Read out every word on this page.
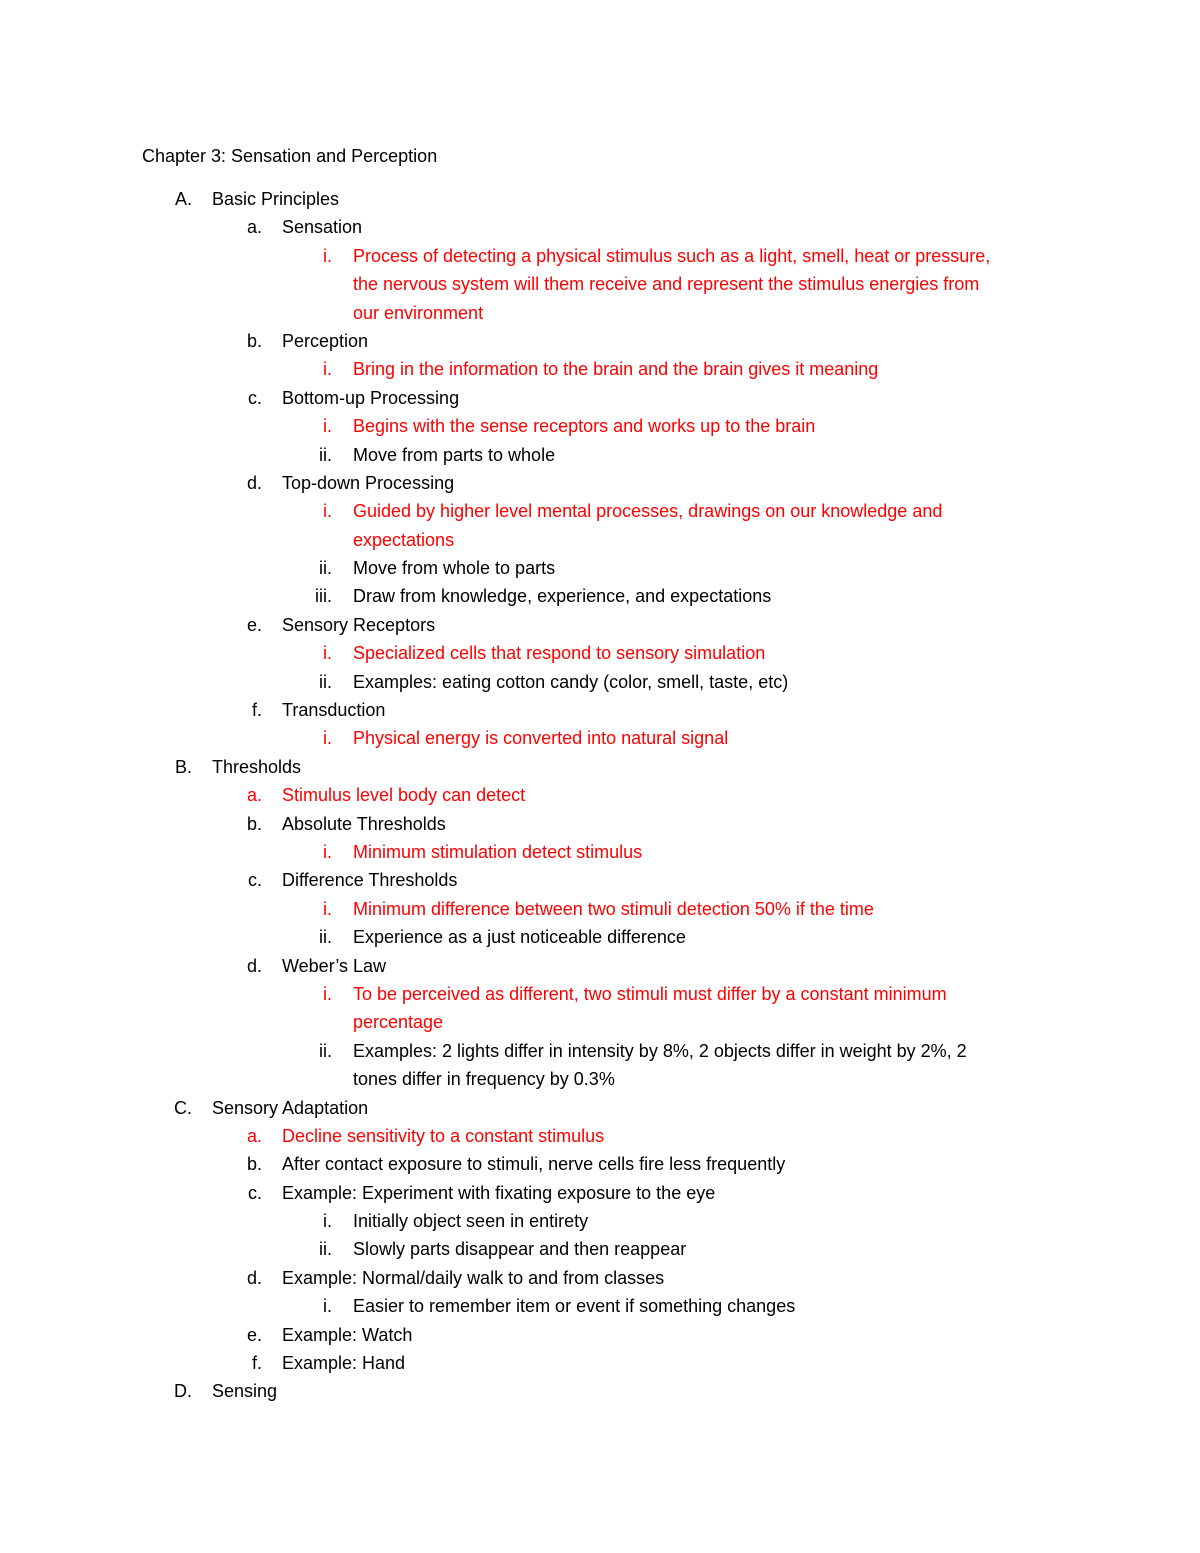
Chapter 3: Sensation and Perception
A. Basic Principles
a. Sensation
i. Process of detecting a physical stimulus such as a light, smell, heat or pressure,
the nervous system will them receive and represent the stimulus energies from
our environment
b. Perception
i. Bring in the information to the brain and the brain gives it meaning
c. Bottom-up Processing
i. Begins with the sense receptors and works up to the brain
ii. Move from parts to whole
d. Top-down Processing
i. Guided by higher level mental processes, drawings on our knowledge and
expectations
ii. Move from whole to parts
iii. Draw from knowledge, experience, and expectations
e. Sensory Receptors
i. Specialized cells that respond to sensory simulation
ii. Examples: eating cotton candy (color, smell, taste, etc)
f. Transduction
i. Physical energy is converted into natural signal
B. Thresholds
a. Stimulus level body can detect
b. Absolute Thresholds
i. Minimum stimulation detect stimulus
c. Difference Thresholds
i. Minimum difference between two stimuli detection 50% if the time
ii. Experience as a just noticeable difference
d. Weber’s Law
i. To be perceived as different, two stimuli must differ by a constant minimum
percentage
ii. Examples: 2 lights differ in intensity by 8%, 2 objects differ in weight by 2%, 2
tones differ in frequency by 0.3%
C. Sensory Adaptation
a. Decline sensitivity to a constant stimulus
b. After contact exposure to stimuli, nerve cells fire less frequently
c. Example: Experiment with fixating exposure to the eye
i. Initially object seen in entirety
ii. Slowly parts disappear and then reappear
d. Example: Normal/daily walk to and from classes
i. Easier to remember item or event if something changes
e. Example: Watch
f. Example: Hand
D. Sensing
